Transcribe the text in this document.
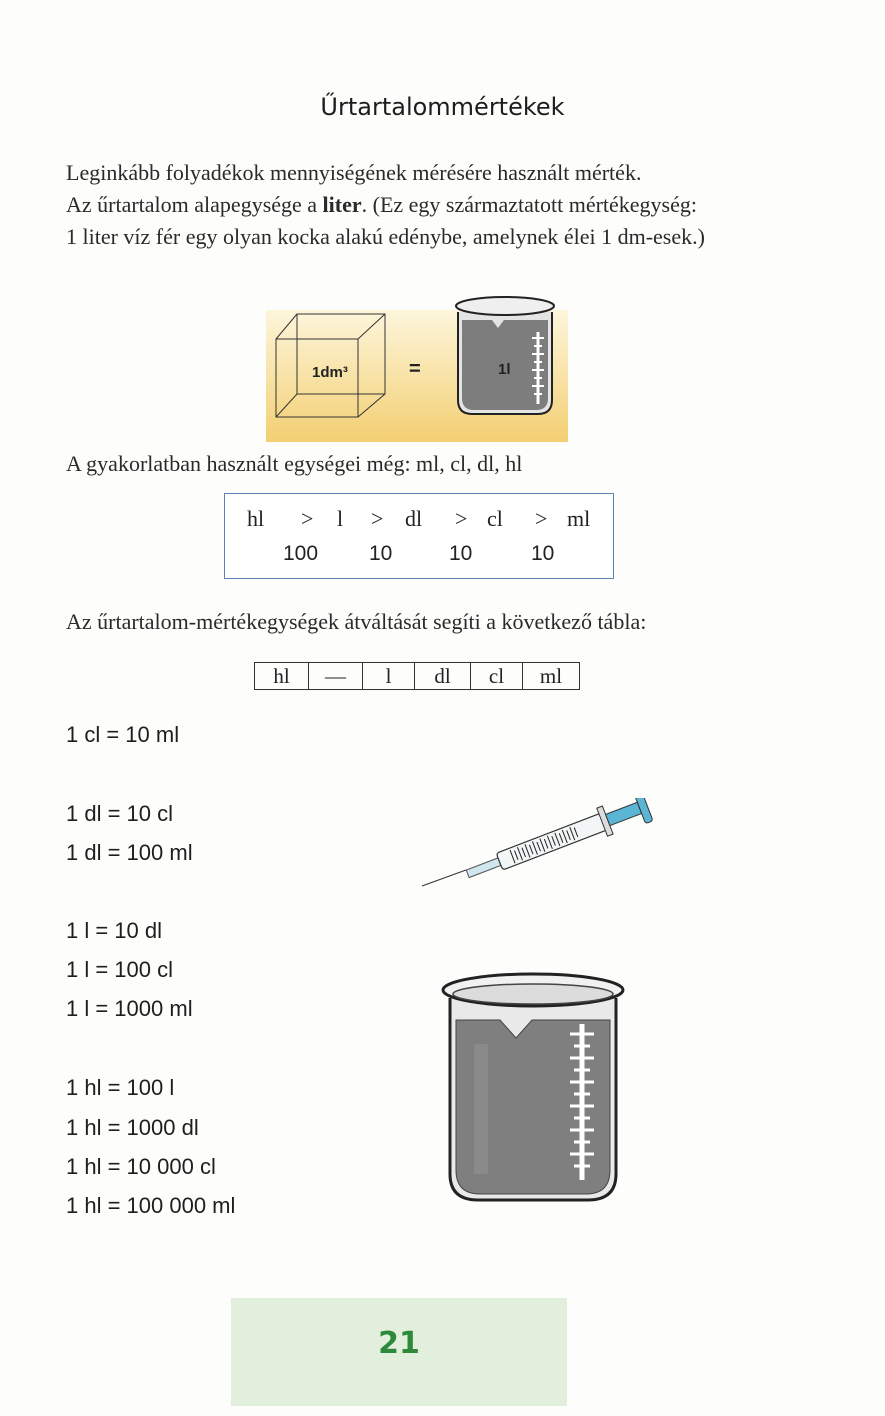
Űrtartalommértékek
Leginkább folyadékok mennyiségének mérésére használt mérték.
Az űrtartalom alapegysége a liter. (Ez egy származtatott mértékegység:
1 liter víz fér egy olyan kocka alakú edénybe, amelynek élei 1 dm-esek.)
1dm³	=	1l
A gyakorlatban használt egységei még: ml, cl, dl, hl
hl > l > dl > cl > ml
100 10	10	10
Az űrtartalom-mértékegységek átváltását segíti a következő tábla:
hl	—	l	dl	cl	ml
1 cl = 10 ml
1 dl = 10 cl
1 dl = 100 ml
1 l = 10 dl
1 l = 100 cl
1 l = 1000 ml
1 hl = 100 l
1 hl = 1000 dl
1 hl = 10 000 cl
1 hl = 100 000 ml
21
